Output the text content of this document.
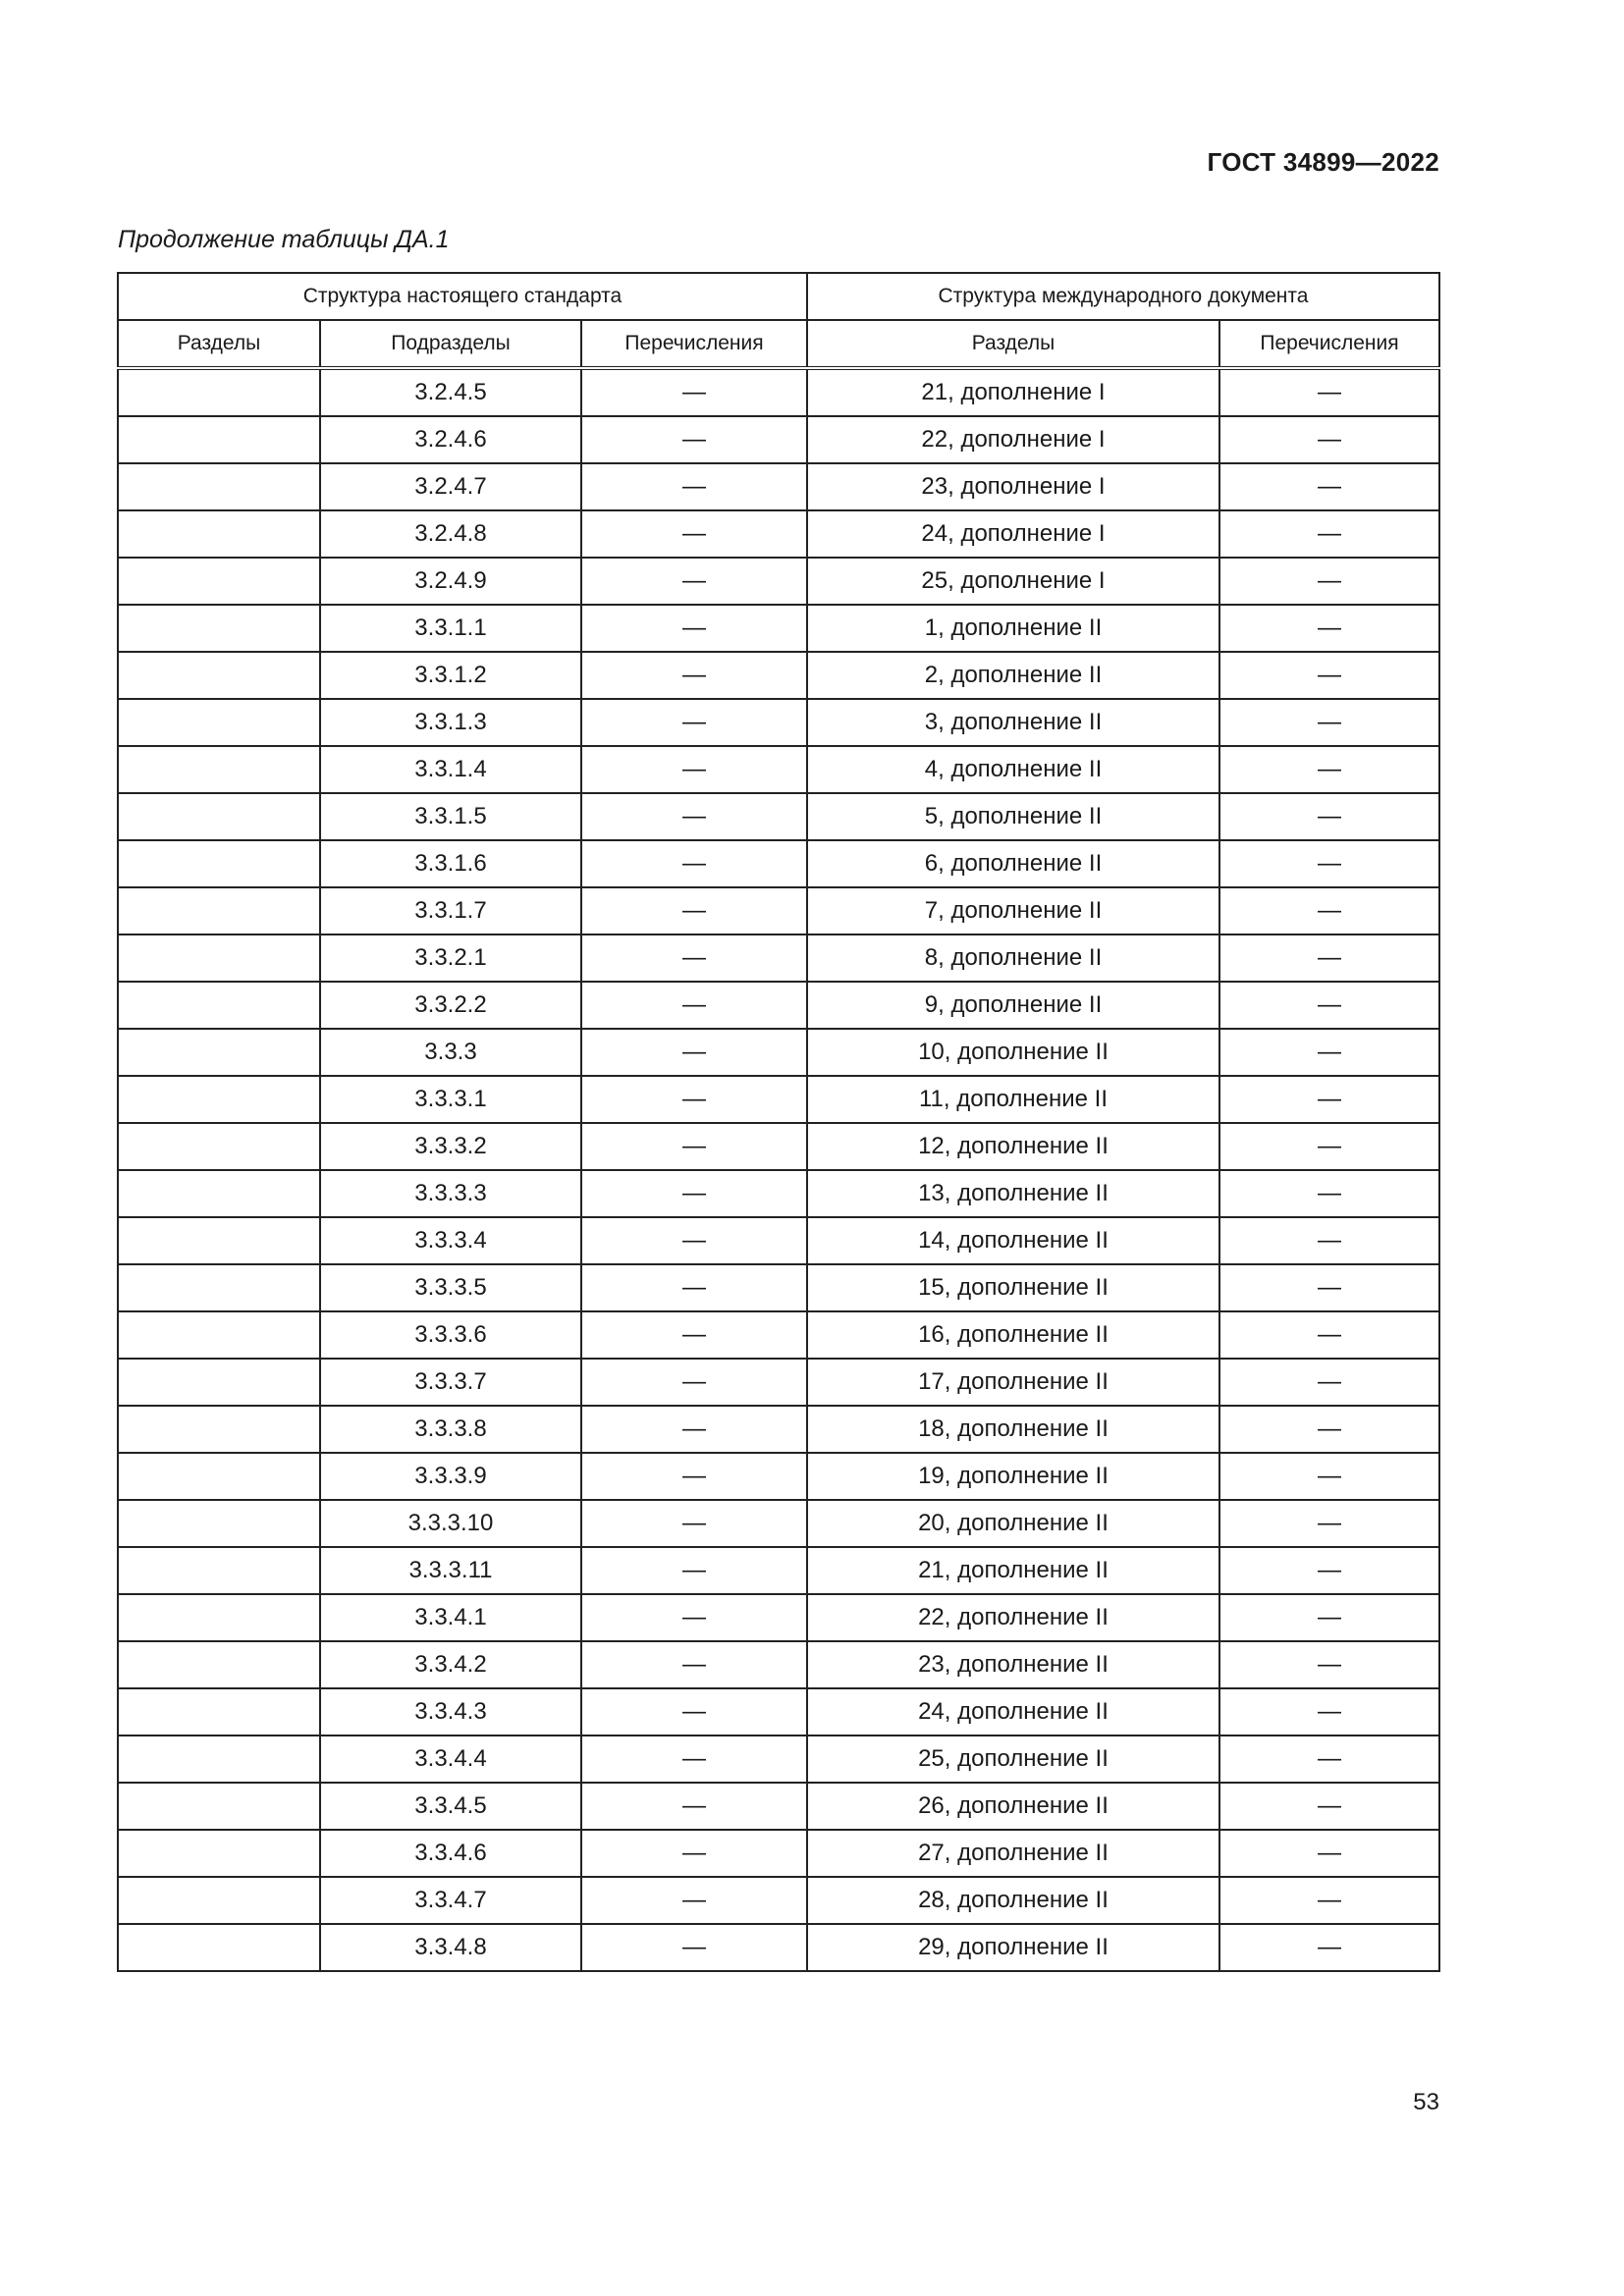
ГОСТ 34899—2022
Продолжение таблицы ДА.1
Структура настоящего стандарта			Структура международного документа	
Разделы	Подразделы	Перечисления	Разделы	Перечисления
	3.2.4.5	—	21, дополнение I	—
	3.2.4.6	—	22, дополнение I	—
	3.2.4.7	—	23, дополнение I	—
	3.2.4.8	—	24, дополнение I	—
	3.2.4.9	—	25, дополнение I	—
	3.3.1.1	—	1, дополнение II	—
	3.3.1.2	—	2, дополнение II	—
	3.3.1.3	—	3, дополнение II	—
	3.3.1.4	—	4, дополнение II	—
	3.3.1.5	—	5, дополнение II	—
	3.3.1.6	—	6, дополнение II	—
	3.3.1.7	—	7, дополнение II	—
	3.3.2.1	—	8, дополнение II	—
	3.3.2.2	—	9, дополнение II	—
	3.3.3	—	10, дополнение II	—
	3.3.3.1	—	11, дополнение II	—
	3.3.3.2	—	12, дополнение II	—
	3.3.3.3	—	13, дополнение II	—
	3.3.3.4	—	14, дополнение II	—
	3.3.3.5	—	15, дополнение II	—
	3.3.3.6	—	16, дополнение II	—
	3.3.3.7	—	17, дополнение II	—
	3.3.3.8	—	18, дополнение II	—
	3.3.3.9	—	19, дополнение II	—
	3.3.3.10	—	20, дополнение II	—
	3.3.3.11	—	21, дополнение II	—
	3.3.4.1	—	22, дополнение II	—
	3.3.4.2	—	23, дополнение II	—
	3.3.4.3	—	24, дополнение II	—
	3.3.4.4	—	25, дополнение II	—
	3.3.4.5	—	26, дополнение II	—
	3.3.4.6	—	27, дополнение II	—
	3.3.4.7	—	28, дополнение II	—
	3.3.4.8	—	29, дополнение II	—
53
